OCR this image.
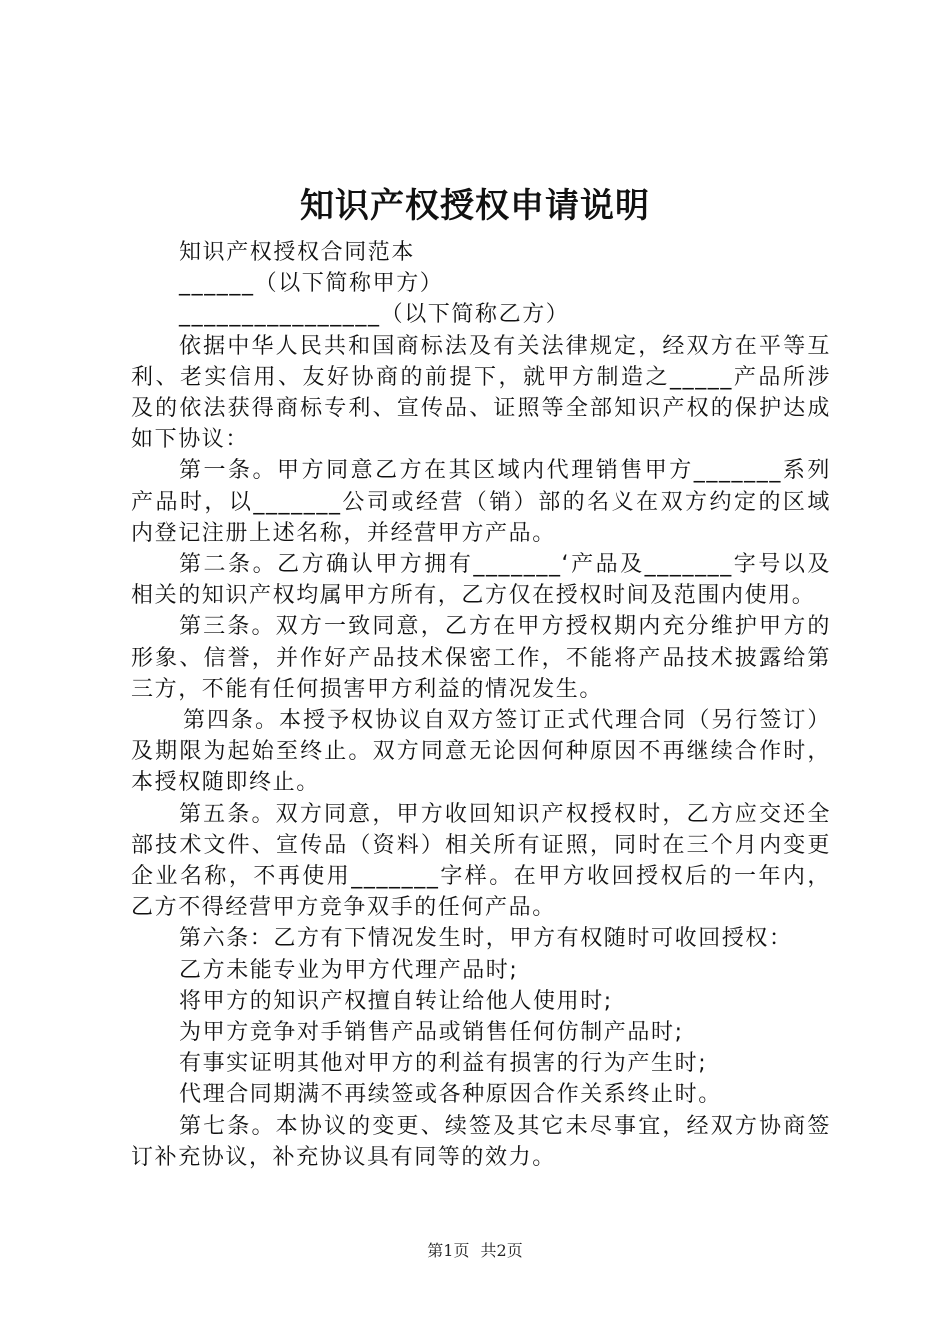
知识产权授权申请说明

知识产权授权合同范本

______（以下简称甲方）

________________（以下简称乙方）

依据中华人民共和国商标法及有关法律规定，经双方在平等互利、老实信用、友好协商的前提下，就甲方制造之_____产品所涉及的依法获得商标专利、宣传品、证照等全部知识产权的保护达成如下协议：

第一条。甲方同意乙方在其区域内代理销售甲方_______系列产品时，以_______公司或经营（销）部的名义在双方约定的区域内登记注册上述名称，并经营甲方产品。

第二条。乙方确认甲方拥有_______‘产品及_______字号以及相关的知识产权均属甲方所有，乙方仅在授权时间及范围内使用。

第三条。双方一致同意，乙方在甲方授权期内充分维护甲方的形象、信誉，并作好产品技术保密工作，不能将产品技术披露给第三方，不能有任何损害甲方利益的情况发生。

第四条。本授予权协议自双方签订正式代理合同（另行签订）及期限为起始至终止。双方同意无论因何种原因不再继续合作时，本授权随即终止。

第五条。双方同意，甲方收回知识产权授权时，乙方应交还全部技术文件、宣传品（资料）相关所有证照，同时在三个月内变更企业名称，不再使用_______字样。在甲方收回授权后的一年内，乙方不得经营甲方竞争双手的任何产品。

第六条：乙方有下情况发生时，甲方有权随时可收回授权：

乙方未能专业为甲方代理产品时;

将甲方的知识产权擅自转让给他人使用时;

为甲方竞争对手销售产品或销售任何仿制产品时;

有事实证明其他对甲方的利益有损害的行为产生时;

代理合同期满不再续签或各种原因合作关系终止时。

第七条。本协议的变更、续签及其它未尽事宜，经双方协商签订补充协议，补充协议具有同等的效力。

第1页 共2页
